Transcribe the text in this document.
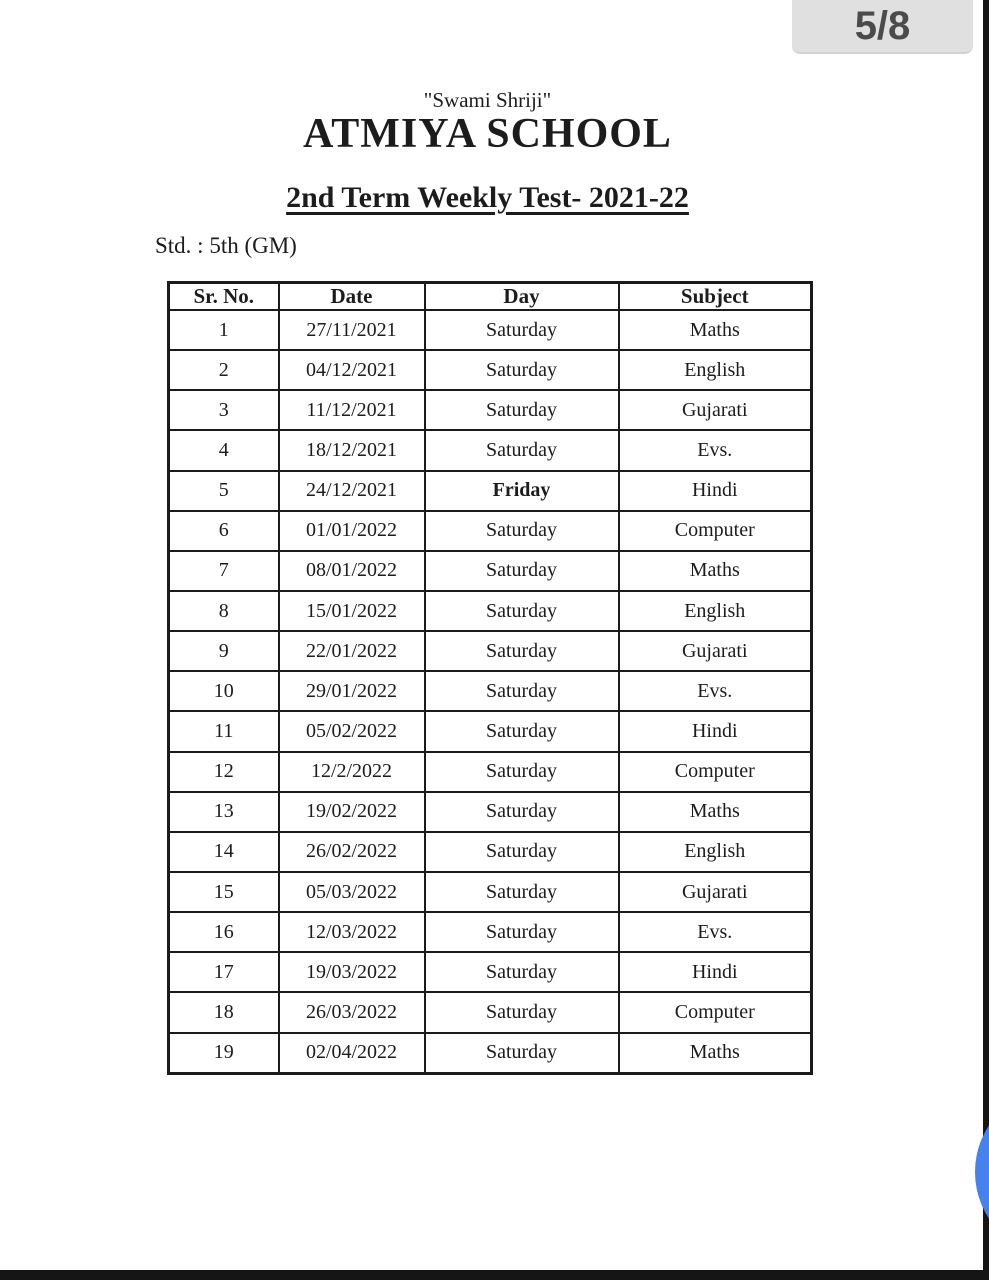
5/8
"Swami Shriji"
ATMIYA SCHOOL
2nd Term Weekly Test- 2021-22
Std. : 5th (GM)
Sr. No.	Date	Day	Subject
1	27/11/2021	Saturday	Maths
2	04/12/2021	Saturday	English
3	11/12/2021	Saturday	Gujarati
4	18/12/2021	Saturday	Evs.
5	24/12/2021	Friday	Hindi
6	01/01/2022	Saturday	Computer
7	08/01/2022	Saturday	Maths
8	15/01/2022	Saturday	English
9	22/01/2022	Saturday	Gujarati
10	29/01/2022	Saturday	Evs.
11	05/02/2022	Saturday	Hindi
12	12/2/2022	Saturday	Computer
13	19/02/2022	Saturday	Maths
14	26/02/2022	Saturday	English
15	05/03/2022	Saturday	Gujarati
16	12/03/2022	Saturday	Evs.
17	19/03/2022	Saturday	Hindi
18	26/03/2022	Saturday	Computer
19	02/04/2022	Saturday	Maths
